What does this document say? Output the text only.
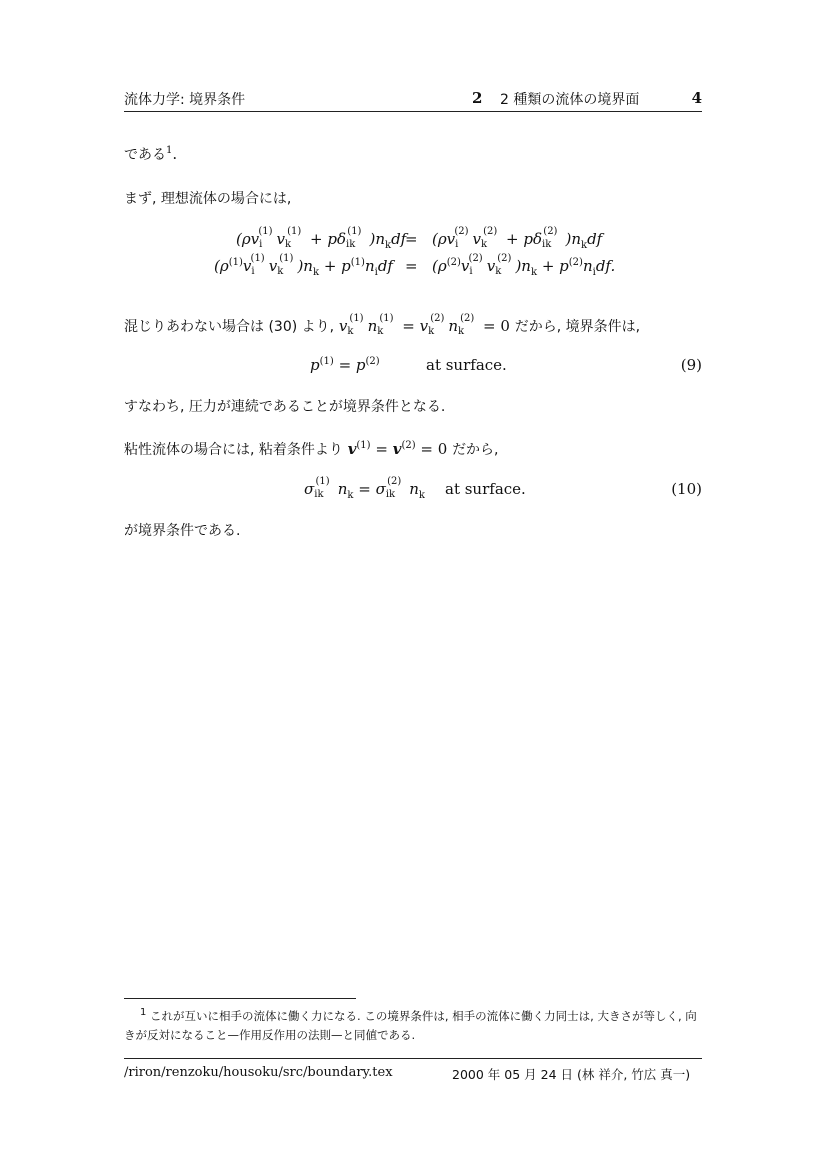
流体力学: 境界条件	2 2 種類の流体の境界面	4
である$^1$.
まず, 理想流体の場合には,
($\rho v_i^{(1)}$ $v_k^{(1)} + p\delta_{ik}^{(1)}$ )$n_kdf$
= ($\rho v_i^{(2)}$ $v_k^{(2)} + p\delta_{ik}^{(2)}$ )$n_kdf$
($\rho^{(1)}v_i^{(1)}$ $v_k^{(1)}$ )$n_k + p^{(1)}n_idf = (\rho^{(2)}v_i^{(2)}$ $v_k^{(2)}$ )$n_k + p^{(2)}n_idf$.
混じりあわない場合は (30) より, $v_k^{(1)}$ $n_k^{(1)} = v_k^{(2)}$ $n_k^{(2)} = 0$ だから, 境界条件は,
$p^{(1)} = p^{(2)}$	at surface.	(9)
すなわち, 圧力が連続であることが境界条件となる.
粘性流体の場合には, 粘着条件より $v^{(1)} = v^{(2)} = 0$ だから,
$\sigma_{ik}^{(1)}$ $n_k = \sigma_{ik}^{(2)}$ $n_k$ at surface.	(10)
が境界条件である.
$^1$ これが互いに相手の流体に働く力になる. この境界条件は, 相手の流体に働く力同士は, 大きさが等しく, 向きが反対になること—作用反作用の法則—と同値である.
/riron/renzoku/housoku/src/boundary.tex	2000 年 05 月 24 日 (林 祥介, 竹広 真一)
